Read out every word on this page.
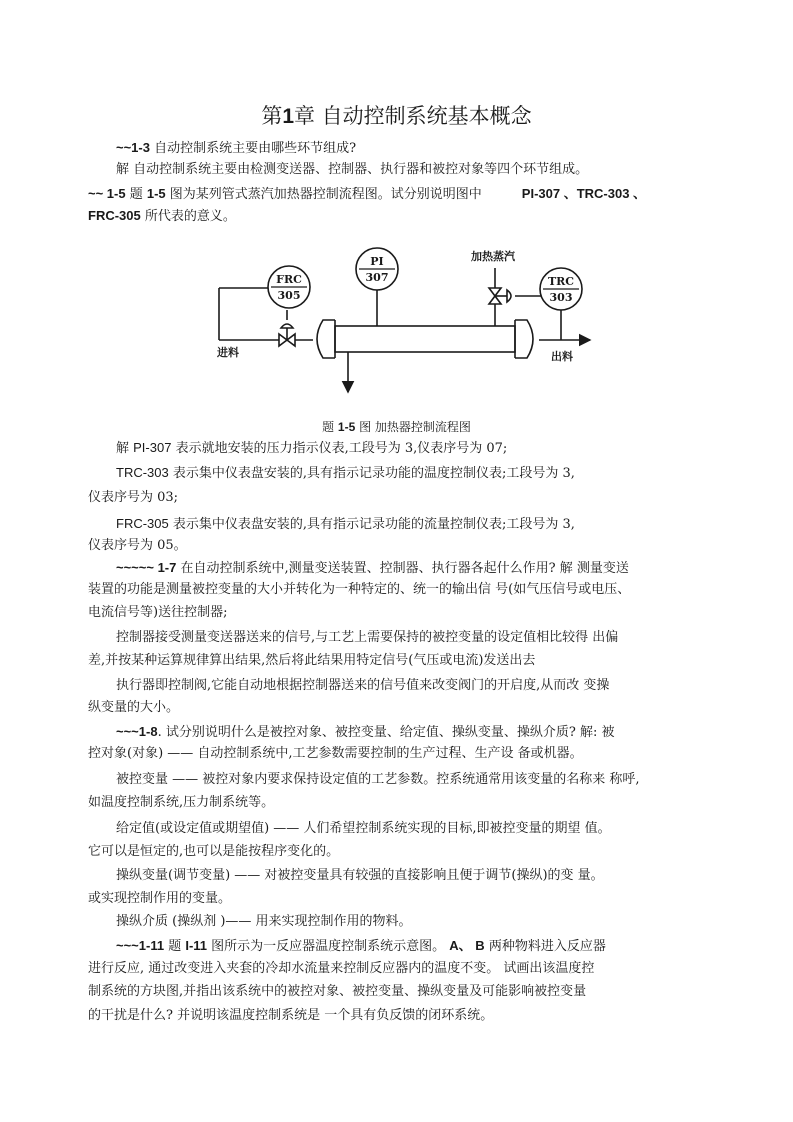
第1章 自动控制系统基本概念
~~1-3 自动控制系统主要由哪些环节组成?
解 自动控制系统主要由检测变送器、控制器、执行器和被控对象等四个环节组成。
~~ 1-5 题 1-5 图为某列管式蒸汽加热器控制流程图。试分别说明图中	PI-307 、TRC-303 、
FRC-305 所代表的意义。
FRC
305
PI
307	TRC
303
加热蒸汽
进料	出料
题 1-5 图 加热器控制流程图
解 PI-307 表示就地安装的压力指示仪表,工段号为 3,仪表序号为 07;
TRC-303 表示集中仪表盘安装的,具有指示记录功能的温度控制仪表;工段号为 3,
仪表序号为 03;
FRC-305 表示集中仪表盘安装的,具有指示记录功能的流量控制仪表;工段号为 3,
仪表序号为 05。
~~~~~ 1-7 在自动控制系统中,测量变送装置、控制器、执行器各起什么作用? 解 测量变送
装置的功能是测量被控变量的大小并转化为一种特定的、统一的输出信 号(如气压信号或电压、
电流信号等)送往控制器;
控制器接受测量变送器送来的信号,与工艺上需要保持的被控变量的设定值相比较得 出偏
差,并按某种运算规律算出结果,然后将此结果用特定信号(气压或电流)发送出去
执行器即控制阀,它能自动地根据控制器送来的信号值来改变阀门的开启度,从而改 变操
纵变量的大小。
~~~1-8. 试分别说明什么是被控对象、被控变量、给定值、操纵变量、操纵介质? 解: 被
控对象(对象) —— 自动控制系统中,工艺参数需要控制的生产过程、生产设 备或机器。
被控变量 —— 被控对象内要求保持设定值的工艺参数。控系统通常用该变量的名称来 称呼,
如温度控制系统,压力制系统等。
给定值(或设定值或期望值) —— 人们希望控制系统实现的目标,即被控变量的期望 值。
它可以是恒定的,也可以是能按程序变化的。
操纵变量(调节变量) —— 对被控变量具有较强的直接影响且便于调节(操纵)的变 量。
或实现控制作用的变量。
操纵介质 (操纵剂 )—— 用来实现控制作用的物料。
~~~1-11 题 I-11 图所示为一反应器温度控制系统示意图。 A、 B 两种物料进入反应器
进行反应, 通过改变进入夹套的冷却水流量来控制反应器内的温度不变。 试画出该温度控
制系统的方块图,并指出该系统中的被控对象、被控变量、操纵变量及可能影响被控变量
的干扰是什么? 并说明该温度控制系统是 一个具有负反馈的闭环系统。
